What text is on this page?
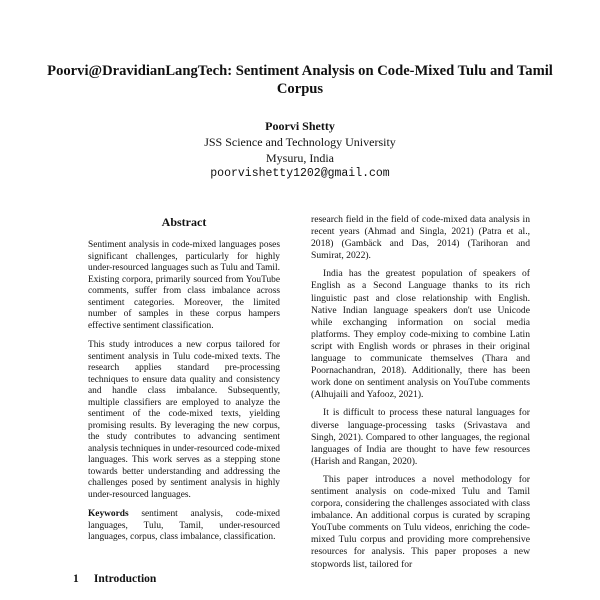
Poorvi@DravidianLangTech: Sentiment Analysis on Code-Mixed Tulu and Tamil Corpus
Poorvi Shetty
JSS Science and Technology University
Mysuru, India
poorvishetty1202@gmail.com
Abstract

Sentiment analysis in code-mixed languages poses significant challenges, particularly for highly under-resourced languages such as Tulu and Tamil. Existing corpora, primarily sourced from YouTube comments, suffer from class imbalance across sentiment categories. Moreover, the limited number of samples in these corpus hampers effective sentiment classification.

This study introduces a new corpus tailored for sentiment analysis in Tulu code-mixed texts. The research applies standard pre-processing techniques to ensure data quality and consistency and handle class imbalance. Subsequently, multiple classifiers are employed to analyze the sentiment of the code-mixed texts, yielding promising results. By leveraging the new corpus, the study contributes to advancing sentiment analysis techniques in under-resourced code-mixed languages. This work serves as a stepping stone towards better understanding and addressing the challenges posed by sentiment analysis in highly under-resourced languages.

Keywords sentiment analysis, code-mixed languages, Tulu, Tamil, under-resourced languages, corpus, class imbalance, classification.

1 Introduction

research field in the field of code-mixed data analysis in recent years (Ahmad and Singla, 2021) (Patra et al., 2018) (Gambäck and Das, 2014) (Tarihoran and Sumirat, 2022).

India has the greatest population of speakers of English as a Second Language thanks to its rich linguistic past and close relationship with English. Native Indian language speakers don't use Unicode while exchanging information on social media platforms. They employ code-mixing to combine Latin script with English words or phrases in their original language to communicate themselves (Thara and Poornachandran, 2018). Additionally, there has been work done on sentiment analysis on YouTube comments (Alhujaili and Yafooz, 2021).

It is difficult to process these natural languages for diverse language-processing tasks (Srivastava and Singh, 2021). Compared to other languages, the regional languages of India are thought to have few resources (Harish and Rangan, 2020).

This paper introduces a novel methodology for sentiment analysis on code-mixed Tulu and Tamil corpora, considering the challenges associated with class imbalance. An additional corpus is curated by scraping YouTube comments on Tulu videos, enriching the code-mixed Tulu corpus and providing more comprehensive resources for analysis. This paper proposes a new stopwords list, tailored for
